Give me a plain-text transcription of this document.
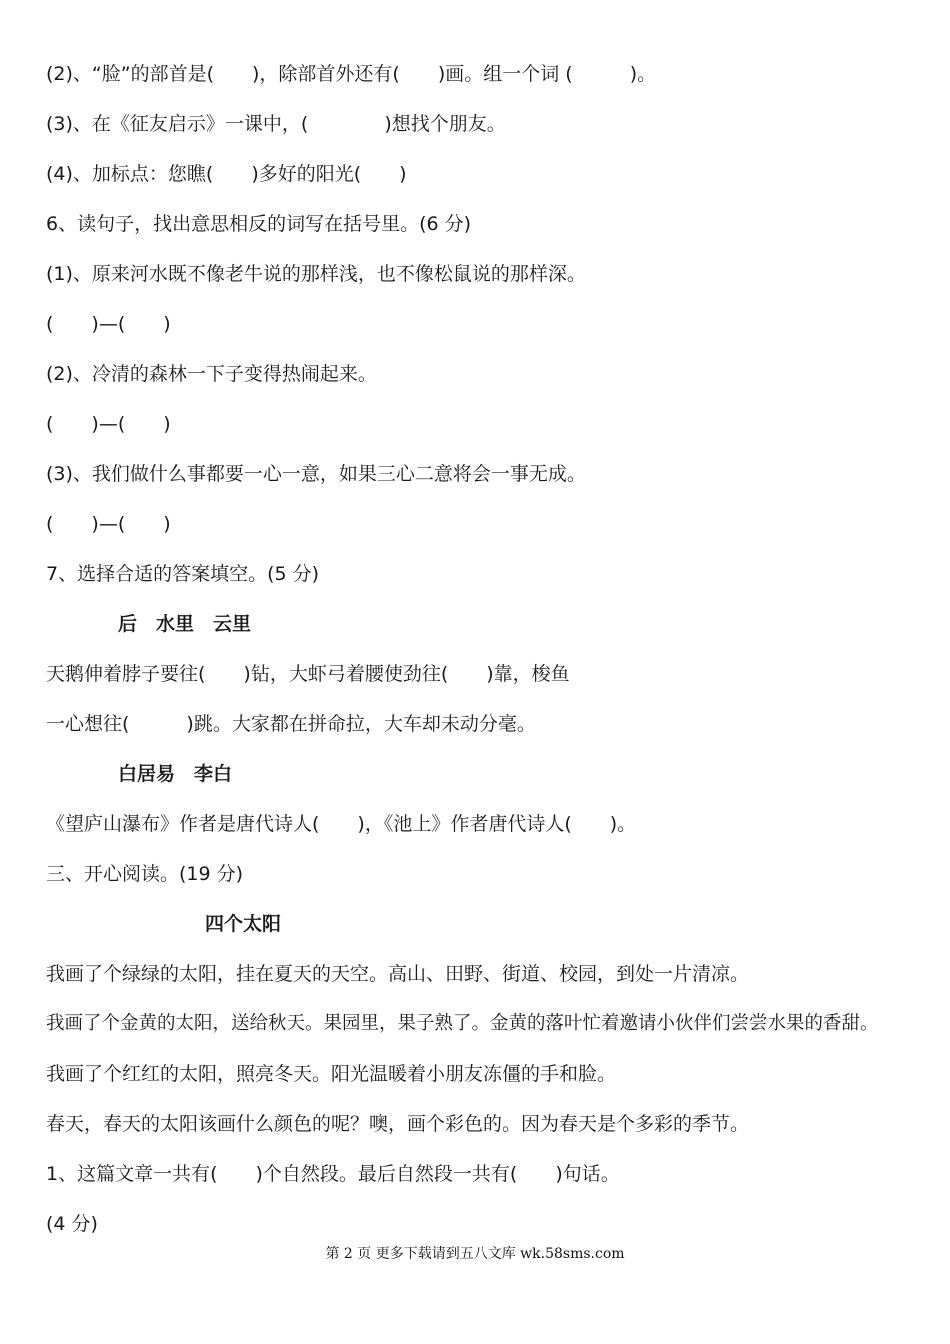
(2)、“脸”的部首是(　　)，除部首外还有(　　)画。组一个词 (　　　)。
(3)、在《征友启示》一课中，(　　　　)想找个朋友。
(4)、加标点：您瞧(　　)多好的阳光(　　)
6、读句子，找出意思相反的词写在括号里。(6 分)
(1)、原来河水既不像老牛说的那样浅，也不像松鼠说的那样深。
(　　)—(　　)
(2)、冷清的森林一下子变得热闹起来。
(　　)—(　　)
(3)、我们做什么事都要一心一意，如果三心二意将会一事无成。
(　　)—(　　)
7、选择合适的答案填空。(5 分)
后　水里　云里
天鹅伸着脖子要往(　　)钻，大虾弓着腰使劲往(　　)靠，梭鱼
一心想往(　　　)跳。大家都在拼命拉，大车却未动分毫。
白居易　李白
《望庐山瀑布》作者是唐代诗人(　　)，《池上》作者唐代诗人(　　)。
三、开心阅读。(19 分)
四个太阳
我画了个绿绿的太阳，挂在夏天的天空。高山、田野、街道、校园，到处一片清凉。
我画了个金黄的太阳，送给秋天。果园里，果子熟了。金黄的落叶忙着邀请小伙伴们尝尝水果的香甜。
我画了个红红的太阳，照亮冬天。阳光温暖着小朋友冻僵的手和脸。
春天，春天的太阳该画什么颜色的呢？噢，画个彩色的。因为春天是个多彩的季节。
1、这篇文章一共有(　　)个自然段。最后自然段一共有(　　)句话。
(4 分)
第 2 页 更多下载请到五八文库 wk.58sms.com
